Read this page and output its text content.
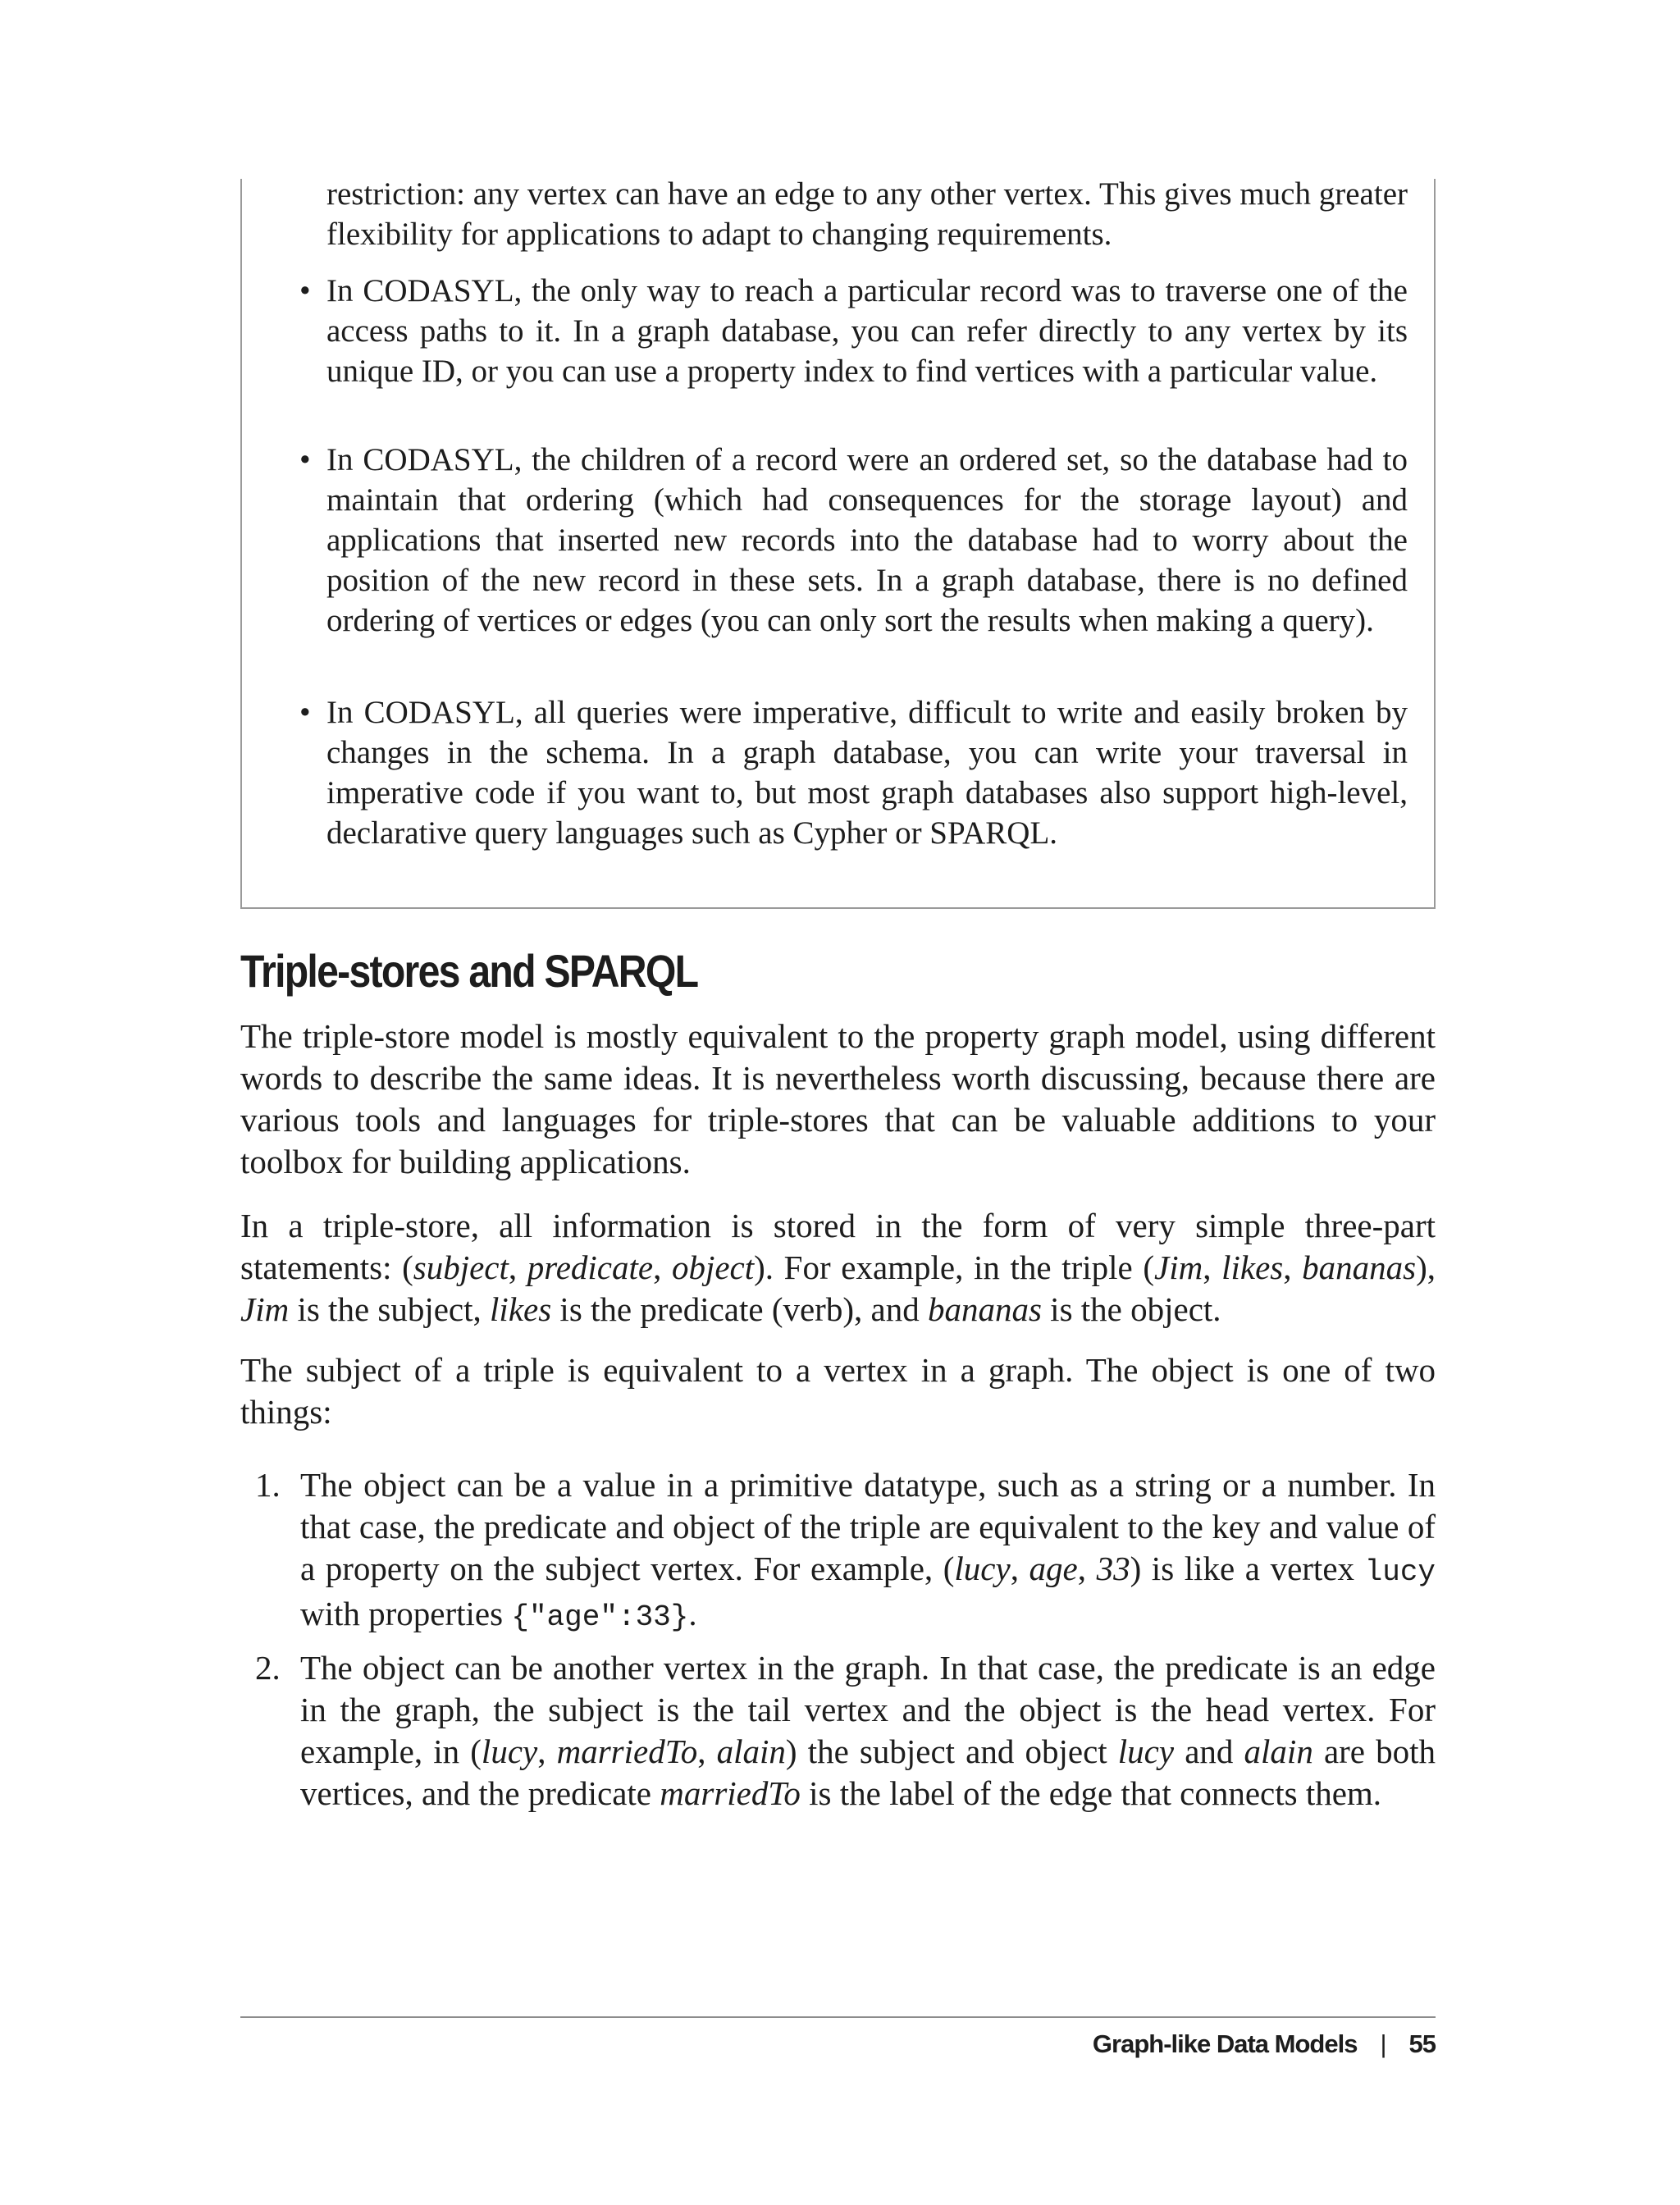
restriction: any vertex can have an edge to any other vertex. This gives much greater flexibility for applications to adapt to changing requirements.
• In CODASYL, the only way to reach a particular record was to traverse one of the access paths to it. In a graph database, you can refer directly to any vertex by its unique ID, or you can use a property index to find vertices with a particular value.
• In CODASYL, the children of a record were an ordered set, so the database had to maintain that ordering (which had consequences for the storage layout) and applications that inserted new records into the database had to worry about the position of the new record in these sets. In a graph database, there is no defined ordering of vertices or edges (you can only sort the results when making a query).
• In CODASYL, all queries were imperative, difficult to write and easily broken by changes in the schema. In a graph database, you can write your traversal in imperative code if you want to, but most graph databases also support high-level, declarative query languages such as Cypher or SPARQL.
Triple-stores and SPARQL
The triple-store model is mostly equivalent to the property graph model, using different words to describe the same ideas. It is nevertheless worth discussing, because there are various tools and languages for triple-stores that can be valuable additions to your toolbox for building applications.
In a triple-store, all information is stored in the form of very simple three-part statements: (subject, predicate, object). For example, in the triple (Jim, likes, bananas), Jim is the subject, likes is the predicate (verb), and bananas is the object.
The subject of a triple is equivalent to a vertex in a graph. The object is one of two things:
1. The object can be a value in a primitive datatype, such as a string or a number. In that case, the predicate and object of the triple are equivalent to the key and value of a property on the subject vertex. For example, (lucy, age, 33) is like a vertex lucy with properties {"age":33}.
2. The object can be another vertex in the graph. In that case, the predicate is an edge in the graph, the subject is the tail vertex and the object is the head vertex. For example, in (lucy, marriedTo, alain) the subject and object lucy and alain are both vertices, and the predicate marriedTo is the label of the edge that connects them.
Graph-like Data Models | 55
